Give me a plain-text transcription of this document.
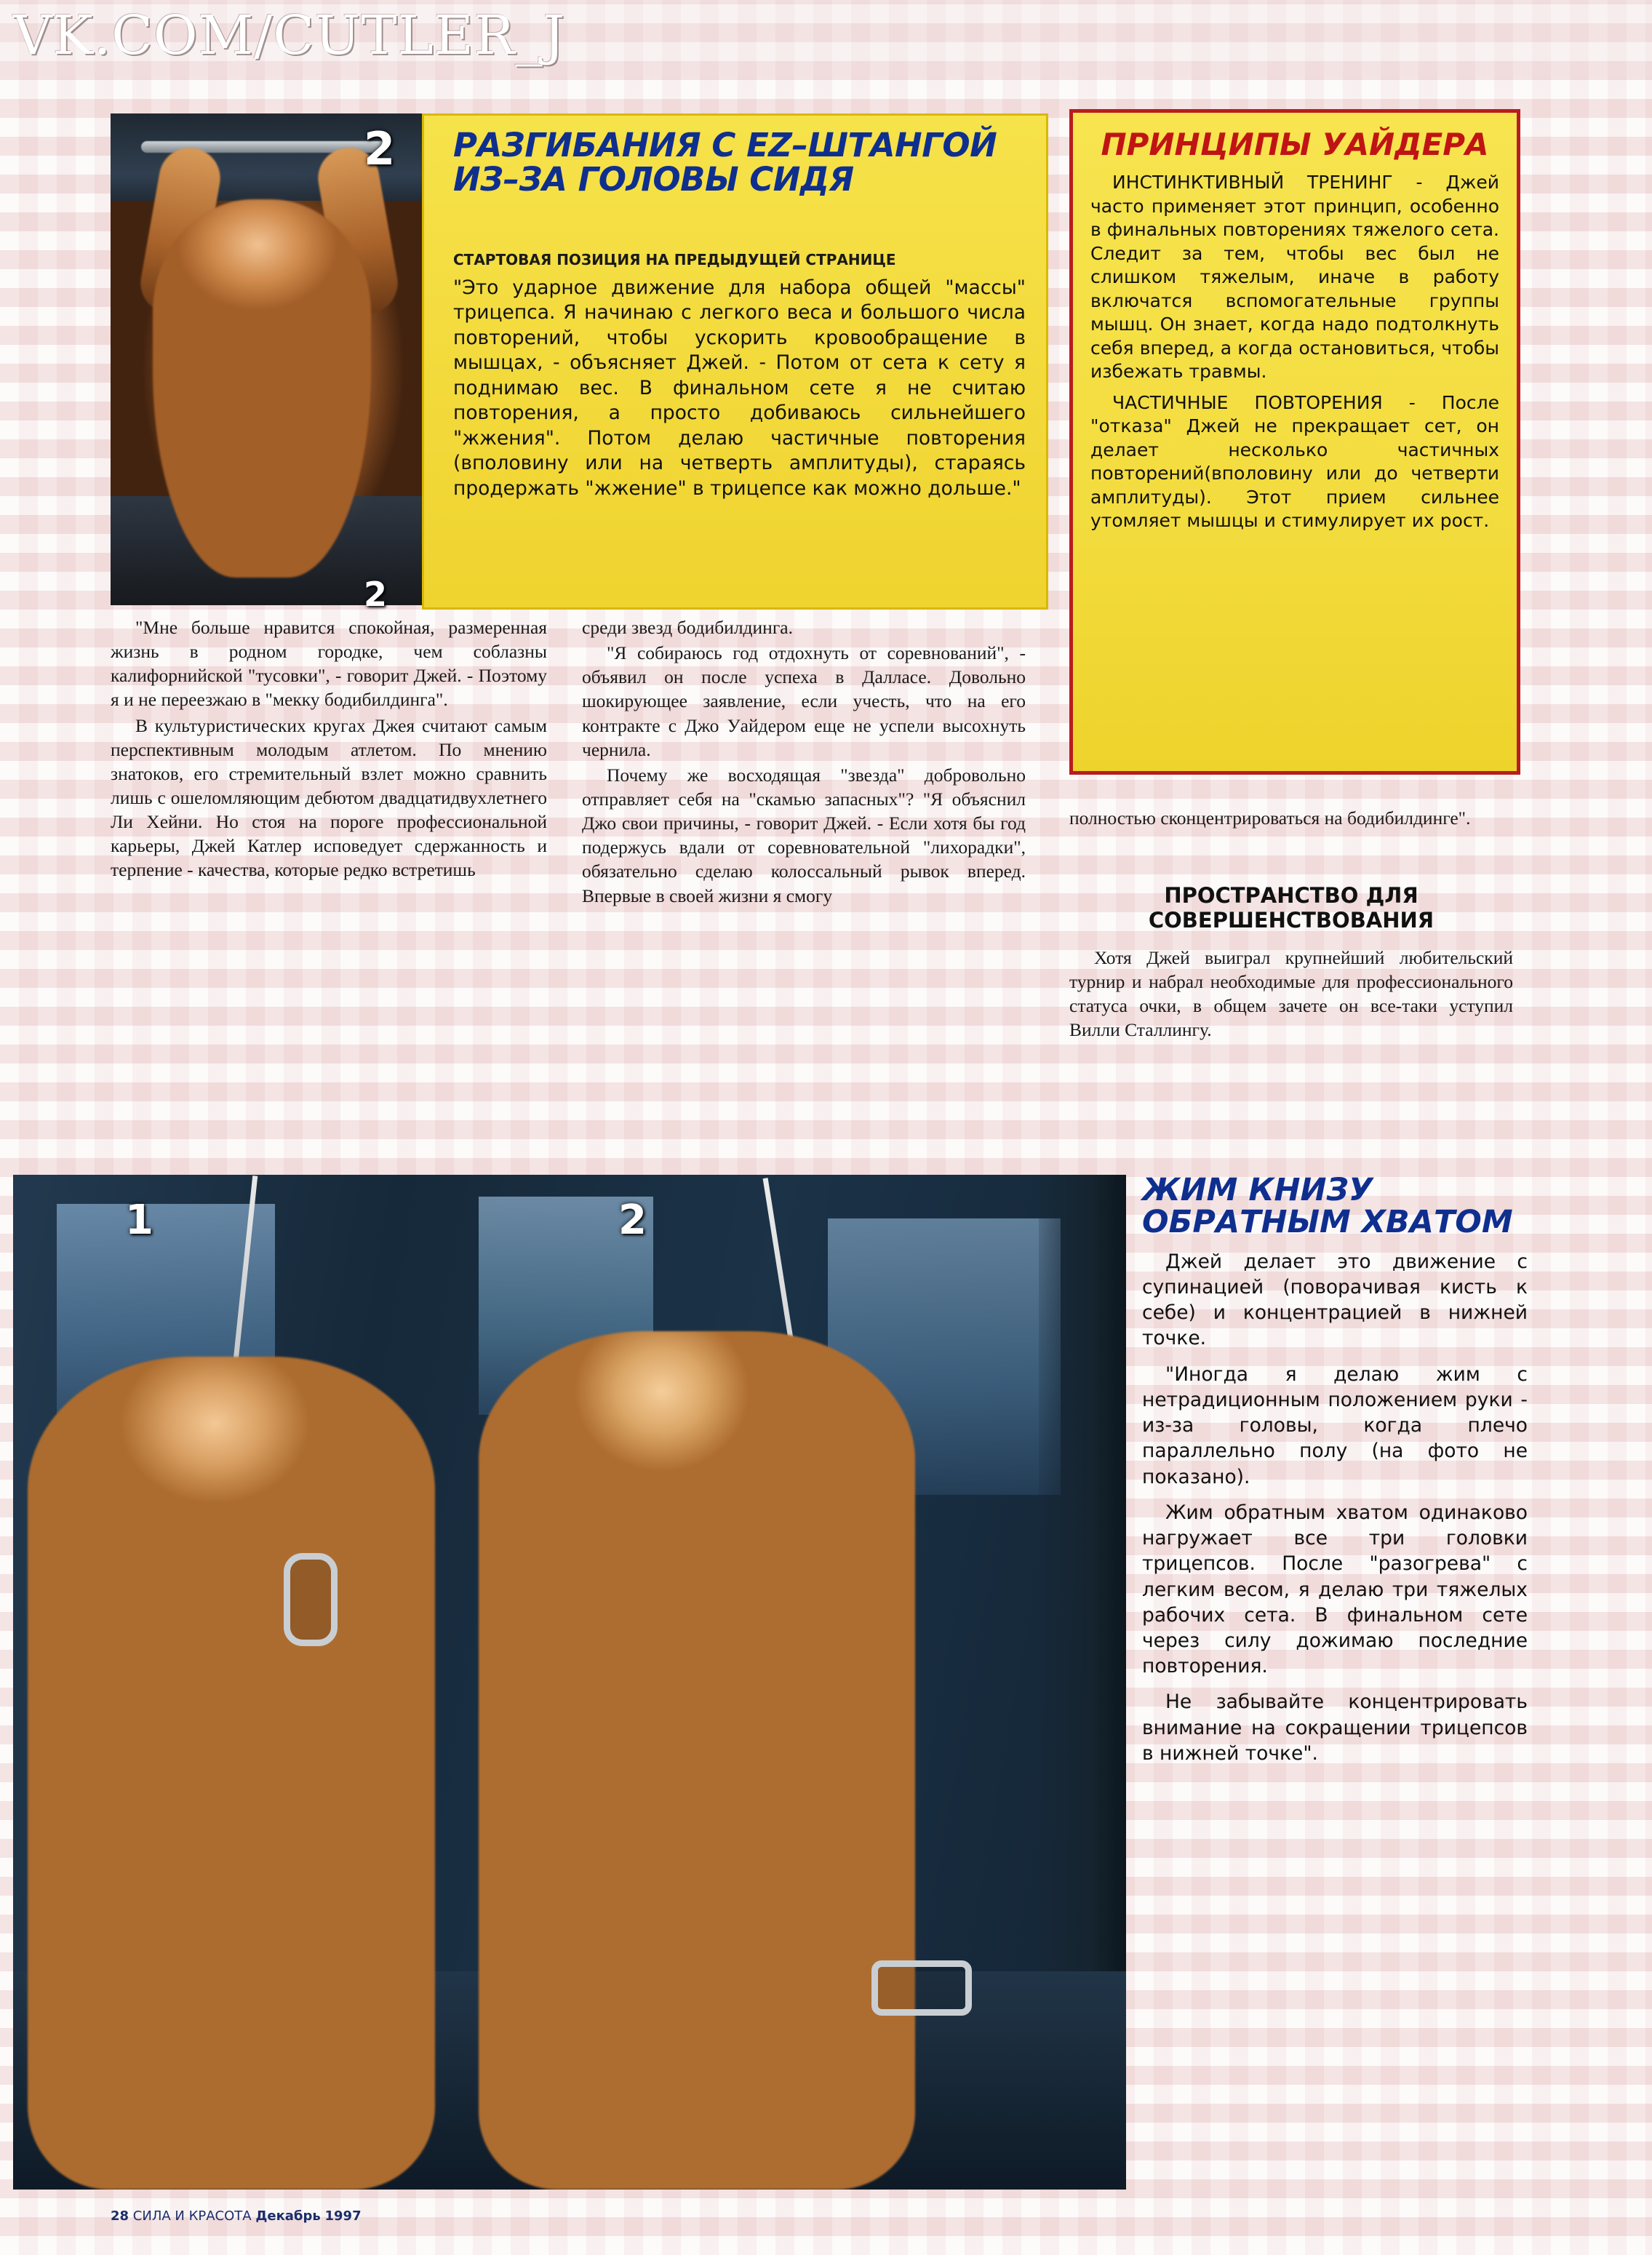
VK.COM/CUTLER_J
РАЗГИБАНИЯ С EZ–ШТАНГОЙ ИЗ–ЗА ГОЛОВЫ СИДЯ
СТАРТОВАЯ ПОЗИЦИЯ НА ПРЕДЫДУЩЕЙ СТРАНИЦЕ
"Это ударное движение для набора общей "массы" трицепса. Я начинаю с легкого веса и большого числа повторений, чтобы ускорить кровообращение в мышцах, - объясняет Джей. - Потом от сета к сету я поднимаю вес. В финальном сете я не считаю повторения, а просто добиваюсь сильнейшего "жжения". Потом делаю частичные повторения (вполовину или на четверть амплитуды), стараясь продержать "жжение" в трицепсе как можно дольше."
2
2
ПРИНЦИПЫ УАЙДЕРА

ИНСТИНКТИВНЫЙ ТРЕНИНГ - Джей часто применяет этот принцип, особенно в финальных повторениях тяжелого сета. Следит за тем, чтобы вес был не слишком тяжелым, иначе в работу включатся вспомогательные группы мышц. Он знает, когда надо подтолкнуть себя вперед, а когда остановиться, чтобы избежать травмы.

ЧАСТИЧНЫЕ ПОВТОРЕНИЯ - После "отказа" Джей не прекращает сет, он делает несколько частичных повторений(вполовину или до четверти амплитуды). Этот прием сильнее утомляет мышцы и стимулирует их рост.

"Мне больше нравится спокойная, размеренная жизнь в родном городке, чем соблазны калифорнийской "тусовки", - говорит Джей. - Поэтому я и не переезжаю в "мекку бодибилдинга".

В культуристических кругах Джея считают самым перспективным молодым атлетом. По мнению знатоков, его стремительный взлет можно сравнить лишь с ошеломляющим дебютом двадцатидвухлетнего Ли Хейни. Но стоя на пороге профессиональной карьеры, Джей Катлер исповедует сдержанность и терпение - качества, которые редко встретишь

среди звезд бодибилдинга.

"Я собираюсь год отдохнуть от соревнований", - объявил он после успеха в Далласе. Довольно шокирующее заявление, если учесть, что на его контракте с Джо Уайдером еще не успели высохнуть чернила.

Почему же восходящая "звезда" добровольно отправляет себя на "скамью запасных"? "Я объяснил Джо свои причины, - говорит Джей. - Если хотя бы год подержусь вдали от соревновательной "лихорадки", обязательно сделаю колоссальный рывок вперед. Впервые в своей жизни я смогу

полностью сконцентрироваться на бодибилдинге".

ПРОСТРАНСТВО ДЛЯ СОВЕРШЕНСТВОВАНИЯ

Хотя Джей выиграл крупнейший любительский турнир и набрал необходимые для профессионального статуса очки, в общем зачете он все-таки уступил Вилли Сталлингу.

1	2
ЖИМ КНИЗУ ОБРАТНЫМ ХВАТОМ

Джей делает это движение с супинацией (поворачивая кисть к себе) и концентрацией в нижней точке.

"Иногда я делаю жим с нетрадиционным положением руки - из-за головы, когда плечо параллельно полу (на фото не показано).

Жим обратным хватом одинаково нагружает все три головки трицепсов. После "разогрева" с легким весом, я делаю три тяжелых рабочих сета. В финальном сете через силу дожимаю последние повторения.

Не забывайте концентрировать внимание на сокращении трицепсов в нижней точке".

28 СИЛА И КРАСОТА Декабрь 1997
